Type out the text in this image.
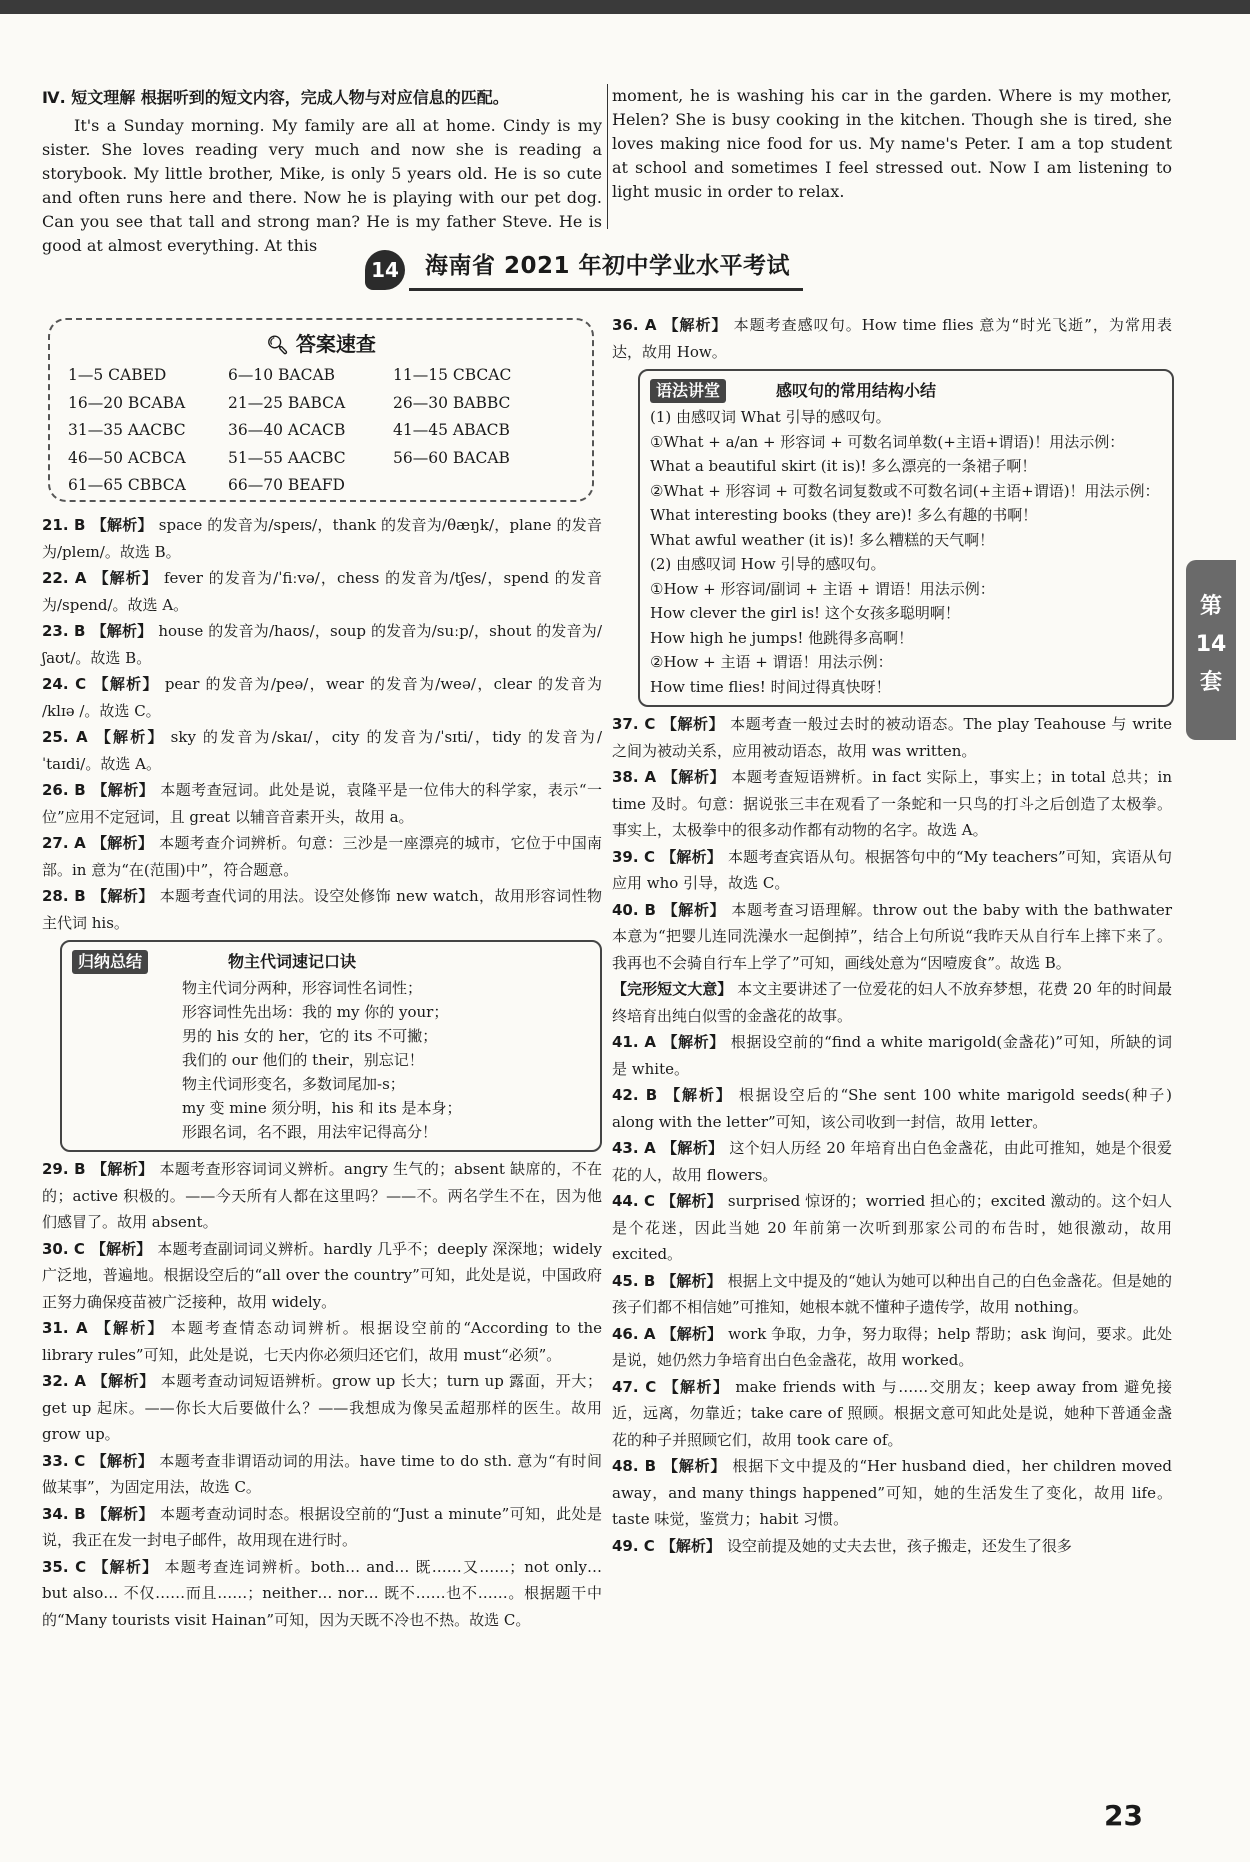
Ⅳ. 短文理解 根据听到的短文内容，完成人物与对应信息的匹配。

It's a Sunday morning. My family are all at home. Cindy is my sister. She loves reading very much and now she is reading a storybook. My little brother, Mike, is only 5 years old. He is so cute and often runs here and there. Now he is playing with our pet dog. Can you see that tall and strong man? He is my father Steve. He is good at almost everything. At this

moment, he is washing his car in the garden. Where is my mother, Helen? She is busy cooking in the kitchen. Though she is tired, she loves making nice food for us. My name's Peter. I am a top student at school and sometimes I feel stressed out. Now I am listening to light music in order to relax.

14 海南省 2021 年初中学业水平考试
🔍︎ 答案速查
1—5 CABED	6—10 BACAB	11—15 CBCAC
16—20 BCABA	21—25 BABCA	26—30 BABBC
31—35 AACBC	36—40 ACACB	41—45 ABACB
46—50 ACBCA	51—55 AACBC	56—60 BACAB
61—65 CBBCA	66—70 BEAFD

21. B 【解析】 space 的发音为/speɪs/，thank 的发音为/θæŋk/，plane 的发音为/pleɪn/。故选 B。

22. A 【解析】 fever 的发音为/ˈfiːvə/，chess 的发音为/tʃes/，spend 的发音为/spend/。故选 A。

23. B 【解析】 house 的发音为/haʊs/，soup 的发音为/suːp/，shout 的发音为/ʃaʊt/。故选 B。

24. C 【解析】 pear 的发音为/peə/，wear 的发音为/weə/，clear 的发音为 /klɪə /。故选 C。

25. A 【解析】 sky 的发音为/skaɪ/，city 的发音为/ˈsɪti/，tidy 的发音为/ˈtaɪdi/。故选 A。

26. B 【解析】 本题考查冠词。此处是说，袁隆平是一位伟大的科学家，表示“一位”应用不定冠词，且 great 以辅音音素开头，故用 a。

27. A 【解析】 本题考查介词辨析。句意：三沙是一座漂亮的城市，它位于中国南部。in 意为“在(范围)中”，符合题意。

28. B 【解析】 本题考查代词的用法。设空处修饰 new watch，故用形容词性物主代词 his。

归纳总结	物主代词速记口诀

物主代词分两种，形容词性名词性；

形容词性先出场：我的 my 你的 your；

男的 his 女的 her，它的 its 不可撇；

我们的 our 他们的 their，别忘记！

物主代词形变名，多数词尾加-s；

my 变 mine 须分明，his 和 its 是本身；

形跟名词，名不跟，用法牢记得高分！

29. B 【解析】 本题考查形容词词义辨析。angry 生气的；absent 缺席的，不在的；active 积极的。——今天所有人都在这里吗？——不。两名学生不在，因为他们感冒了。故用 absent。

30. C 【解析】 本题考查副词词义辨析。hardly 几乎不；deeply 深深地；widely 广泛地，普遍地。根据设空后的“all over the country”可知，此处是说，中国政府正努力确保疫苗被广泛接种，故用 widely。

31. A 【解析】 本题考查情态动词辨析。根据设空前的“According to the library rules”可知，此处是说，七天内你必须归还它们，故用 must“必须”。

32. A 【解析】 本题考查动词短语辨析。grow up 长大；turn up 露面，开大；get up 起床。——你长大后要做什么？——我想成为像吴孟超那样的医生。故用 grow up。

33. C 【解析】 本题考查非谓语动词的用法。have time to do sth. 意为“有时间做某事”，为固定用法，故选 C。

34. B 【解析】 本题考查动词时态。根据设空前的“Just a minute”可知，此处是说，我正在发一封电子邮件，故用现在进行时。

35. C 【解析】 本题考查连词辨析。both… and… 既……又……；not only… but also… 不仅……而且……；neither… nor… 既不……也不……。根据题干中的“Many tourists visit Hainan”可知，因为天既不冷也不热。故选 C。

36. A 【解析】 本题考查感叹句。How time flies 意为“时光飞逝”，为常用表达，故用 How。

语法讲堂	感叹句的常用结构小结

(1) 由感叹词 What 引导的感叹句。

①What + a/an + 形容词 + 可数名词单数(+主语+谓语)！用法示例：

What a beautiful skirt (it is)! 多么漂亮的一条裙子啊！

②What + 形容词 + 可数名词复数或不可数名词(+主语+谓语)！用法示例：

What interesting books (they are)! 多么有趣的书啊！

What awful weather (it is)! 多么糟糕的天气啊！

(2) 由感叹词 How 引导的感叹句。

①How + 形容词/副词 + 主语 + 谓语！用法示例：

How clever the girl is! 这个女孩多聪明啊！

How high he jumps! 他跳得多高啊！

②How + 主语 + 谓语！用法示例：

How time flies! 时间过得真快呀！

37. C 【解析】 本题考查一般过去时的被动语态。The play Teahouse 与 write 之间为被动关系，应用被动语态，故用 was written。

38. A 【解析】 本题考查短语辨析。in fact 实际上，事实上；in total 总共；in time 及时。句意：据说张三丰在观看了一条蛇和一只鸟的打斗之后创造了太极拳。事实上，太极拳中的很多动作都有动物的名字。故选 A。

39. C 【解析】 本题考查宾语从句。根据答句中的“My teachers”可知，宾语从句应用 who 引导，故选 C。

40. B 【解析】 本题考查习语理解。throw out the baby with the bathwater 本意为“把婴儿连同洗澡水一起倒掉”，结合上句所说“我昨天从自行车上摔下来了。我再也不会骑自行车上学了”可知，画线处意为“因噎废食”。故选 B。

【完形短文大意】 本文主要讲述了一位爱花的妇人不放弃梦想，花费 20 年的时间最终培育出纯白似雪的金盏花的故事。

41. A 【解析】 根据设空前的“find a white marigold(金盏花)”可知，所缺的词是 white。

42. B 【解析】 根据设空后的“She sent 100 white marigold seeds(种子) along with the letter”可知，该公司收到一封信，故用 letter。

43. A 【解析】 这个妇人历经 20 年培育出白色金盏花，由此可推知，她是个很爱花的人，故用 flowers。

44. C 【解析】 surprised 惊讶的；worried 担心的；excited 激动的。这个妇人是个花迷，因此当她 20 年前第一次听到那家公司的布告时，她很激动，故用 excited。

45. B 【解析】 根据上文中提及的“她认为她可以种出自己的白色金盏花。但是她的孩子们都不相信她”可推知，她根本就不懂种子遗传学，故用 nothing。

46. A 【解析】 work 争取，力争，努力取得；help 帮助；ask 询问，要求。此处是说，她仍然力争培育出白色金盏花，故用 worked。

47. C 【解析】 make friends with 与……交朋友；keep away from 避免接近，远离，勿靠近；take care of 照顾。根据文意可知此处是说，她种下普通金盏花的种子并照顾它们，故用 took care of。

48. B 【解析】 根据下文中提及的“Her husband died，her children moved away，and many things happened”可知，她的生活发生了变化，故用 life。taste 味觉，鉴赏力；habit 习惯。

49. C 【解析】 设空前提及她的丈夫去世，孩子搬走，还发生了很多

第
14
套
23
